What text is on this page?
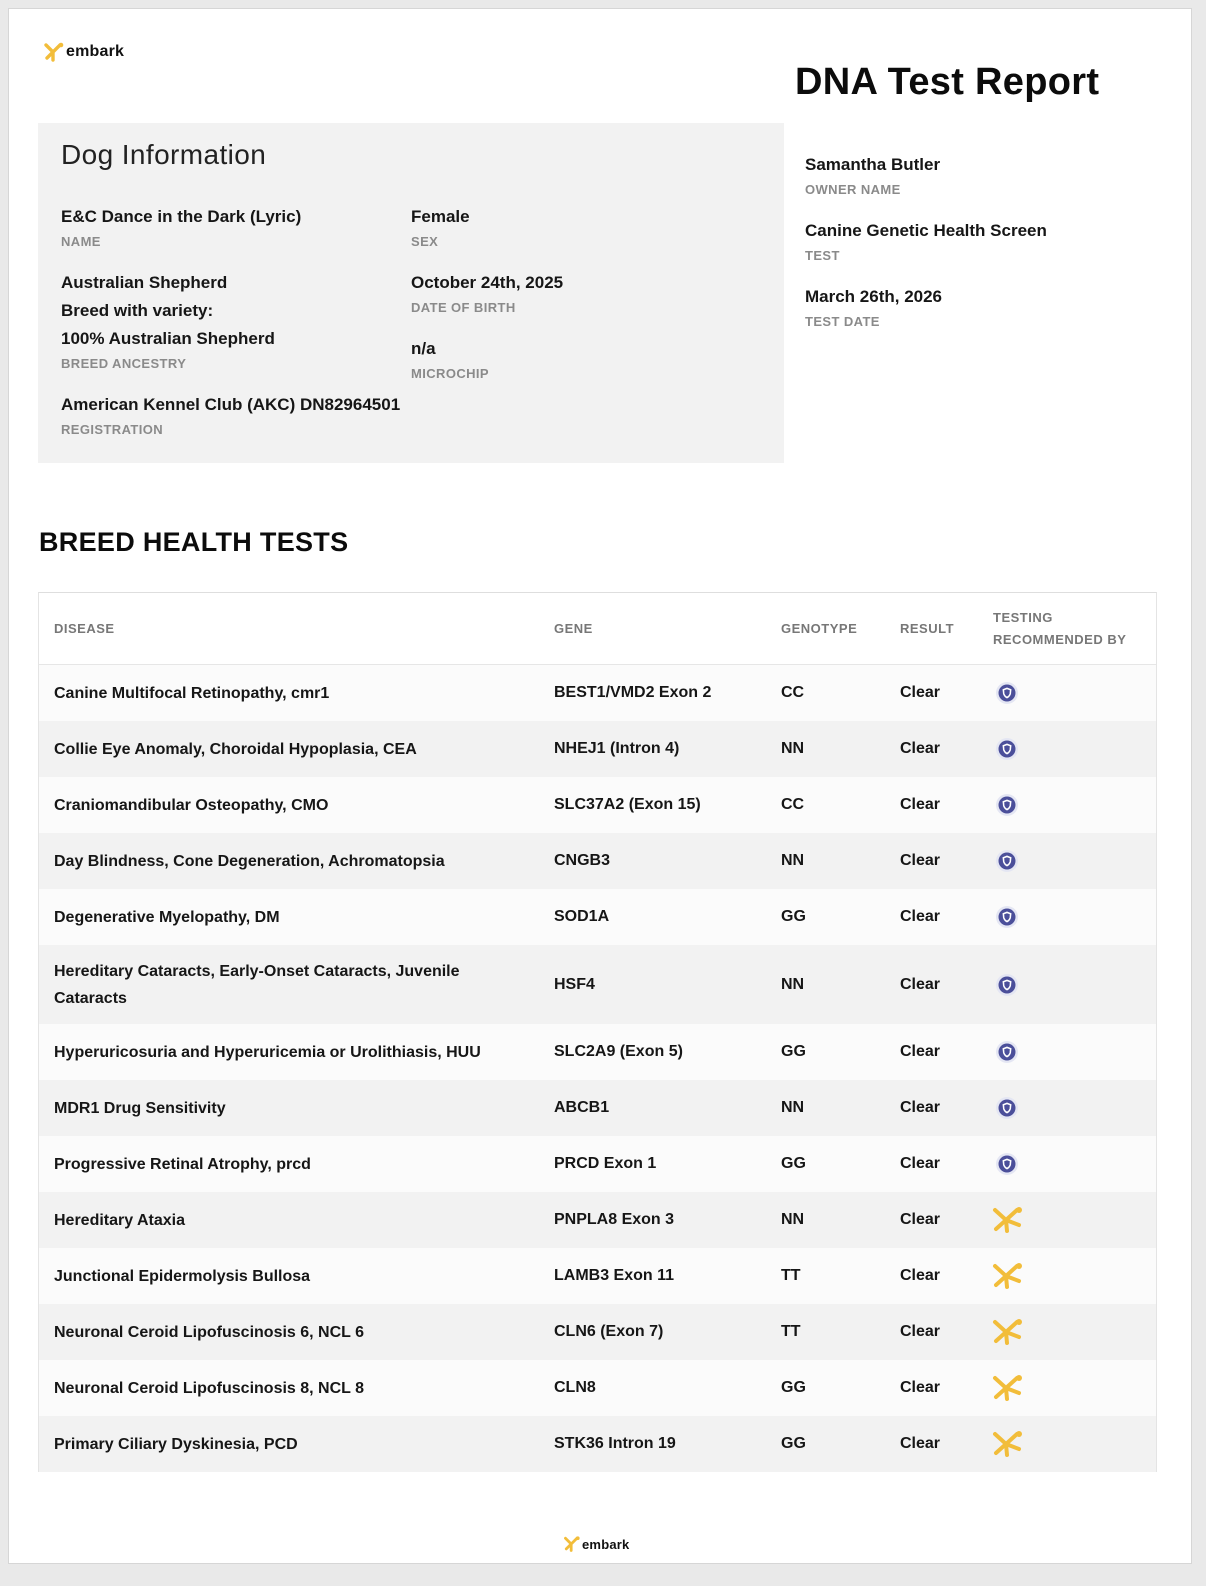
embark
DNA Test Report
Dog Information
E&C Dance in the Dark (Lyric)
NAME
Female
SEX
Australian Shepherd
Breed with variety:
100% Australian Shepherd
BREED ANCESTRY
October 24th, 2025
DATE OF BIRTH
n/a
MICROCHIP
American Kennel Club (AKC) DN82964501
REGISTRATION
Samantha Butler
OWNER NAME
Canine Genetic Health Screen
TEST
March 26th, 2026
TEST DATE
BREED HEALTH TESTS
DISEASE	GENE	GENOTYPE	RESULT
TESTING
RECOMMENDED BY
Canine Multifocal Retinopathy, cmr1	BEST1/VMD2 Exon 2	CC	Clear
Collie Eye Anomaly, Choroidal Hypoplasia, CEA	NHEJ1 (Intron 4)	NN	Clear
Craniomandibular Osteopathy, CMO	SLC37A2 (Exon 15)	CC	Clear
Day Blindness, Cone Degeneration, Achromatopsia	CNGB3	NN	Clear
Degenerative Myelopathy, DM	SOD1A	GG	Clear
Hereditary Cataracts, Early-Onset Cataracts, Juvenile
Cataracts
HSF4	NN	Clear
Hyperuricosuria and Hyperuricemia or Urolithiasis, HUU	SLC2A9 (Exon 5)	GG	Clear
MDR1 Drug Sensitivity	ABCB1	NN	Clear
Progressive Retinal Atrophy, prcd	PRCD Exon 1	GG	Clear
Hereditary Ataxia	PNPLA8 Exon 3	NN	Clear
Junctional Epidermolysis Bullosa	LAMB3 Exon 11	TT	Clear
Neuronal Ceroid Lipofuscinosis 6, NCL 6	CLN6 (Exon 7)	TT	Clear
Neuronal Ceroid Lipofuscinosis 8, NCL 8	CLN8	GG	Clear
Primary Ciliary Dyskinesia, PCD	STK36 Intron 19	GG	Clear
embark
